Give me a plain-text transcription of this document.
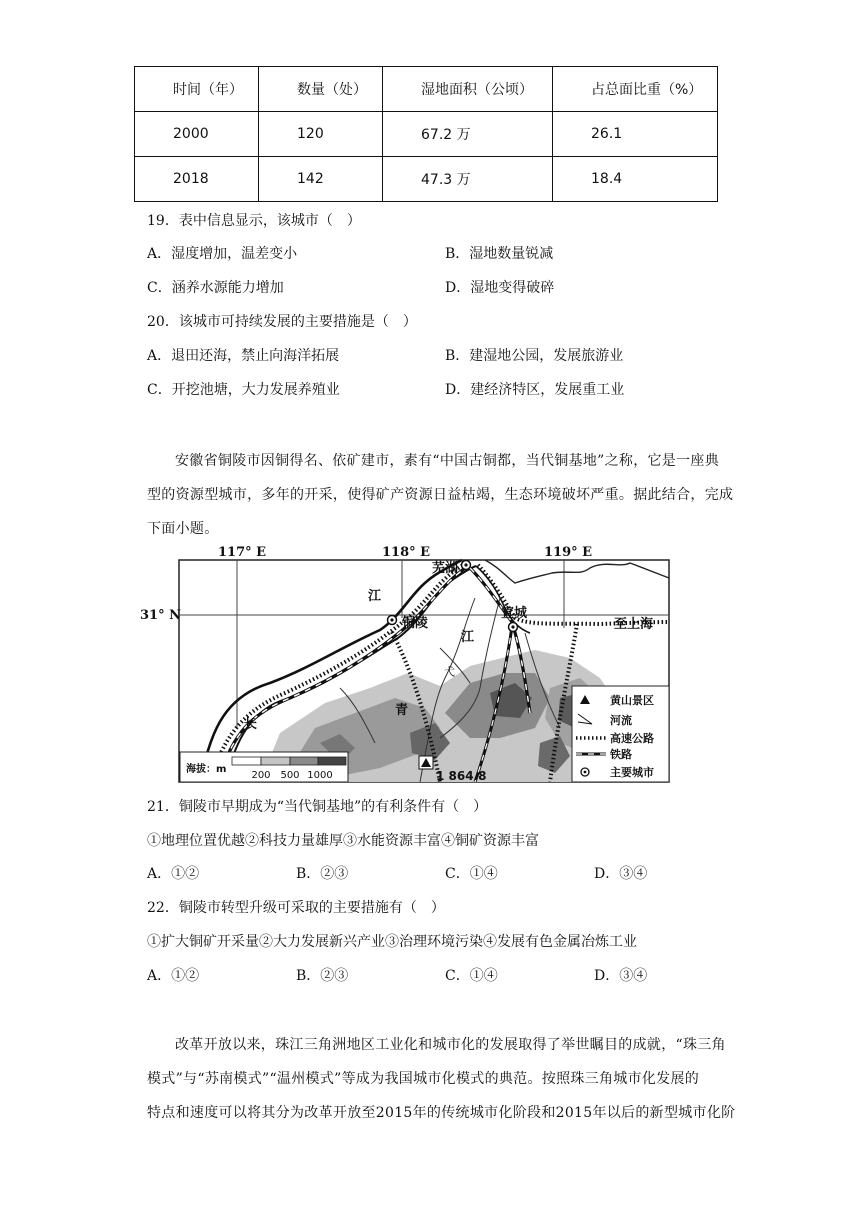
时间（年）	数量（处）	湿地面积（公顷）	占总面比重（%）
2000	120	67.2 万	26.1
2018	142	47.3 万	18.4
19．表中信息显示，该城市（　）
A．湿度增加，温差变小	B．湿地数量锐减
C．涵养水源能力增加	D．湿地变得破碎
20．该城市可持续发展的主要措施是（　）
A．退田还海，禁止向海洋拓展	B．建湿地公园，发展旅游业
C．开挖池塘，大力发展养殖业	D．建经济特区，发展重工业
安徽省铜陵市因铜得名、依矿建市，素有“中国古铜都，当代铜基地”之称，它是一座典
型的资源型城市，多年的开采，使得矿产资源日益枯竭，生态环境破坏严重。据此结合，完成
下面小题。
117° E	118° E	119° E
31° N
芜湖
铜陵
宣城
长
江
青
弋
江
至上海
1 864.8
海拔：m
200 500 1000
黄山景区
河流
高速公路
铁路
主要城市
21．铜陵市早期成为“当代铜基地”的有利条件有（　）
①地理位置优越②科技力量雄厚③水能资源丰富④铜矿资源丰富
A．①②	B．②③	C．①④	D．③④
22．铜陵市转型升级可采取的主要措施有（　）
①扩大铜矿开采量②大力发展新兴产业③治理环境污染④发展有色金属冶炼工业
A．①②	B．②③	C．①④	D．③④
改革开放以来，珠江三角洲地区工业化和城市化的发展取得了举世瞩目的成就，“珠三角
模式”与“苏南模式”“温州模式”等成为我国城市化模式的典范。按照珠三角城市化发展的
特点和速度可以将其分为改革开放至2015年的传统城市化阶段和2015年以后的新型城市化阶
